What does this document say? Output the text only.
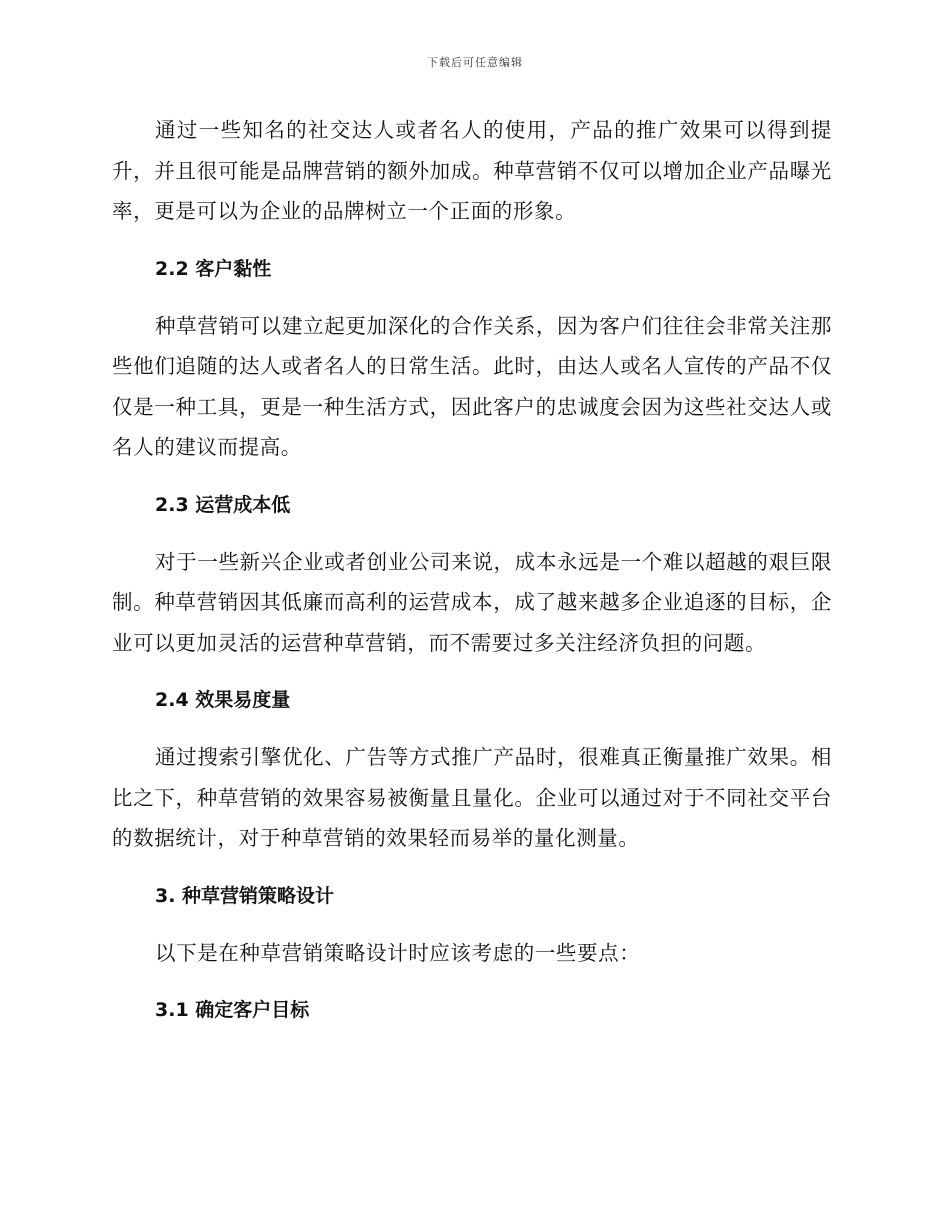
下载后可任意编辑

通过一些知名的社交达人或者名人的使用，产品的推广效果可以得到提升，并且很可能是品牌营销的额外加成。种草营销不仅可以增加企业产品曝光率，更是可以为企业的品牌树立一个正面的形象。

2.2 客户黏性

种草营销可以建立起更加深化的合作关系，因为客户们往往会非常关注那些他们追随的达人或者名人的日常生活。此时，由达人或名人宣传的产品不仅仅是一种工具，更是一种生活方式，因此客户的忠诚度会因为这些社交达人或名人的建议而提高。

2.3 运营成本低

对于一些新兴企业或者创业公司来说，成本永远是一个难以超越的艰巨限制。种草营销因其低廉而高利的运营成本，成了越来越多企业追逐的目标，企业可以更加灵活的运营种草营销，而不需要过多关注经济负担的问题。

2.4 效果易度量

通过搜索引擎优化、广告等方式推广产品时，很难真正衡量推广效果。相比之下，种草营销的效果容易被衡量且量化。企业可以通过对于不同社交平台的数据统计，对于种草营销的效果轻而易举的量化测量。

3. 种草营销策略设计

以下是在种草营销策略设计时应该考虑的一些要点：

3.1 确定客户目标
